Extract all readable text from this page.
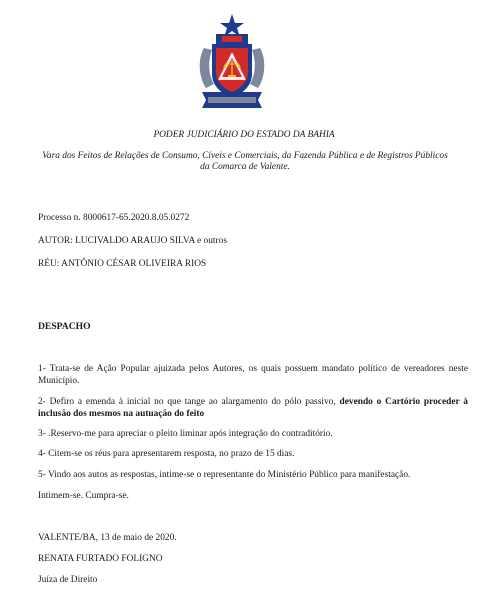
PODER JUDICIÁRIO DO ESTADO DA BAHIA
Vara dos Feitos de Relações de Consumo, Cíveis e Comerciais, da Fazenda Pública e de Registros Públicos da Comarca de Valente.
Processo n. 8000617-65.2020.8.05.0272
AUTOR: LUCIVALDO ARAUJO SILVA e outros
RÉU: ANTÔNIO CÉSAR OLIVEIRA RIOS
DESPACHO
1- Trata-se de Ação Popular ajuizada pelos Autores, os quais possuem mandato político de vereadores neste Município.
2- Defiro a emenda à inicial no que tange ao alargamento do pólo passivo, devendo o Cartório proceder à inclusão dos mesmos na autuação do feito
3- .Reservo-me para apreciar o pleito liminar após integração do contraditório.
4- Citem-se os réus para apresentarem resposta, no prazo de 15 dias.
5- Vindo aos autos as respostas, intime-se o representante do Ministério Público para manifestação.
Intimem-se. Cumpra-se.
VALENTE/BA, 13 de maio de 2020.
RENATA FURTADO FOLIGNO
Juíza de Direito
